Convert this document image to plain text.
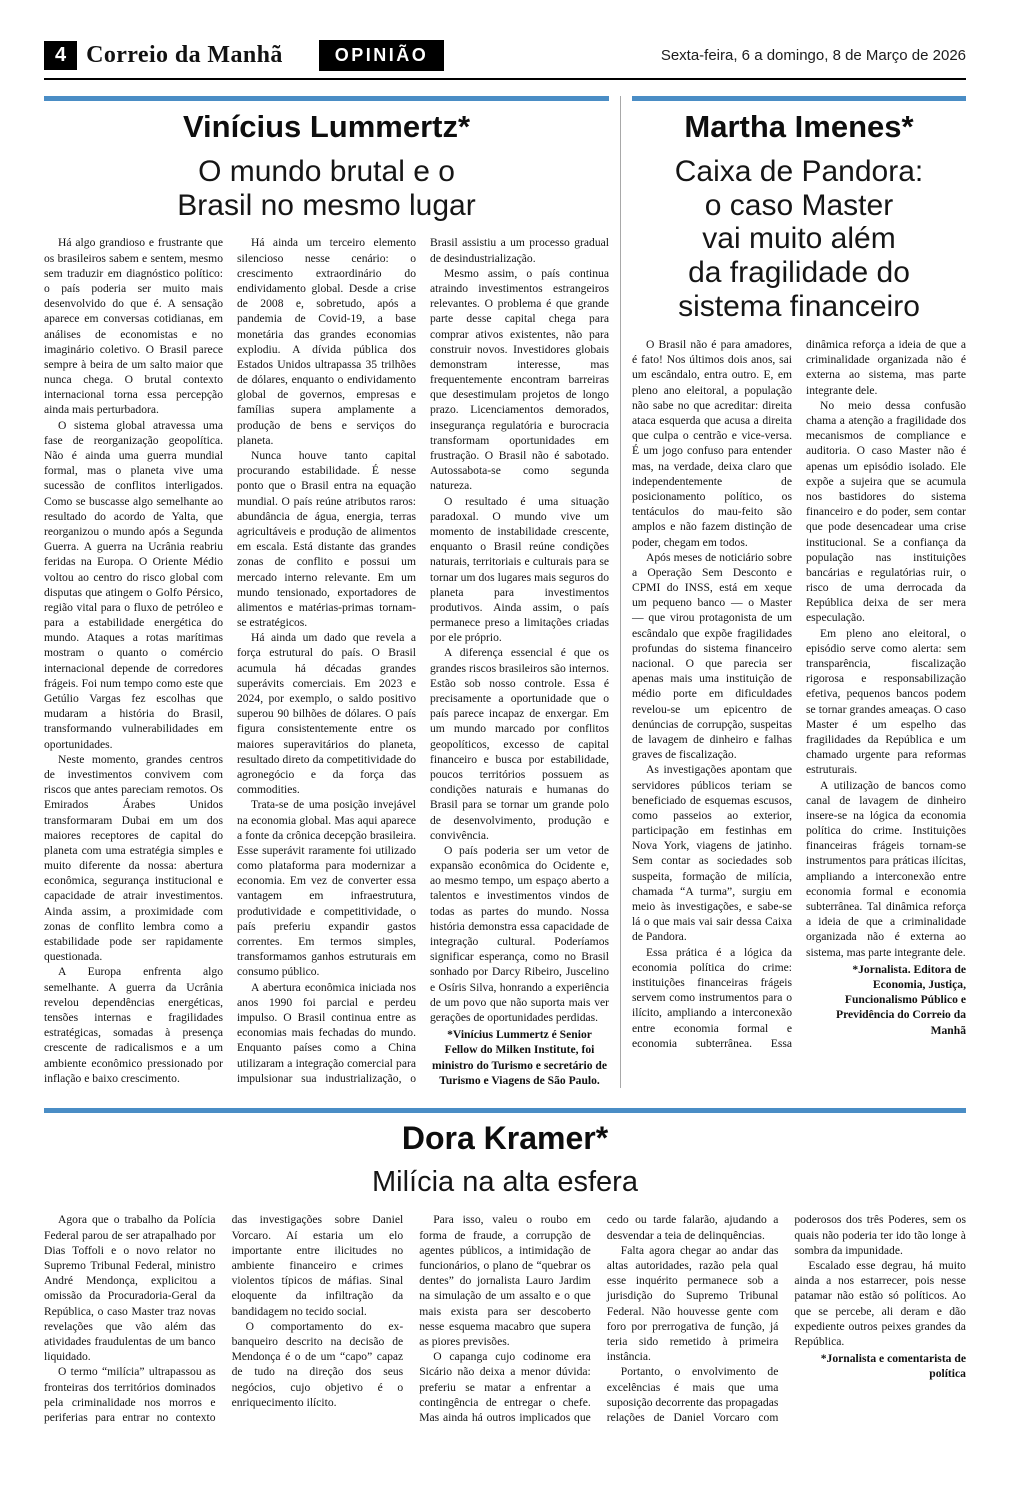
4 Correio da Manhã	OPINIÃO	Sexta-feira, 6 a domingo, 8 de Março de 2026
Vinícius Lummertz*
O mundo brutal e o
Brasil no mesmo lugar

Há algo grandioso e frustrante que os brasileiros sabem e sentem, mesmo sem traduzir em diagnóstico político: o país poderia ser muito mais desenvolvido do que é. A sensação aparece em conversas cotidianas, em análises de economistas e no imaginário coletivo. O Brasil parece sempre à beira de um salto maior que nunca chega. O brutal contexto internacional torna essa percepção ainda mais perturbadora.

O sistema global atravessa uma fase de reorganização geopolítica. Não é ainda uma guerra mundial formal, mas o planeta vive uma sucessão de conflitos interligados. Como se buscasse algo semelhante ao resultado do acordo de Yalta, que reorganizou o mundo após a Segunda Guerra. A guerra na Ucrânia reabriu feridas na Europa. O Oriente Médio voltou ao centro do risco global com disputas que atingem o Golfo Pérsico, região vital para o fluxo de petróleo e para a estabilidade energética do mundo. Ataques a rotas marítimas mostram o quanto o comércio internacional depende de corredores frágeis. Foi num tempo como este que Getúlio Vargas fez escolhas que mudaram a história do Brasil, transformando vulnerabilidades em oportunidades.

Neste momento, grandes centros de investimentos convivem com riscos que antes pareciam remotos. Os Emirados Árabes Unidos transformaram Dubai em um dos maiores receptores de capital do planeta com uma estratégia simples e muito diferente da nossa: abertura econômica, segurança institucional e capacidade de atrair investimentos. Ainda assim, a proximidade com zonas de conflito lembra como a estabilidade pode ser rapidamente questionada.

A Europa enfrenta algo semelhante. A guerra da Ucrânia revelou dependências energéticas, tensões internas e fragilidades estratégicas, somadas à presença crescente de radicalismos e a um ambiente econômico pressionado por inflação e baixo crescimento.

Há ainda um terceiro elemento silencioso nesse cenário: o crescimento extraordinário do endividamento global. Desde a crise de 2008 e, sobretudo, após a pandemia de Covid-19, a base monetária das grandes economias explodiu. A dívida pública dos Estados Unidos ultrapassa 35 trilhões de dólares, enquanto o endividamento global de governos, empresas e famílias supera amplamente a produção de bens e serviços do planeta.

Nunca houve tanto capital procurando estabilidade. É nesse ponto que o Brasil entra na equação mundial. O país reúne atributos raros: abundância de água, energia, terras agricultáveis e produção de alimentos em escala. Está distante das grandes zonas de conflito e possui um mercado interno relevante. Em um mundo tensionado, exportadores de alimentos e matérias-primas tornam-se estratégicos.

Há ainda um dado que revela a força estrutural do país. O Brasil acumula há décadas grandes superávits comerciais. Em 2023 e 2024, por exemplo, o saldo positivo superou 90 bilhões de dólares. O país figura consistentemente entre os maiores superavitários do planeta, resultado direto da competitividade do agronegócio e da força das commodities.

Trata-se de uma posição invejável na economia global. Mas aqui aparece a fonte da crônica decepção brasileira. Esse superávit raramente foi utilizado como plataforma para modernizar a economia. Em vez de converter essa vantagem em infraestrutura, produtividade e competitividade, o país preferiu expandir gastos correntes. Em termos simples, transformamos ganhos estruturais em consumo público.

A abertura econômica iniciada nos anos 1990 foi parcial e perdeu impulso. O Brasil continua entre as economias mais fechadas do mundo. Enquanto países como a China utilizaram a integração comercial para impulsionar sua industrialização, o Brasil assistiu a um processo gradual de desindustrialização.

Mesmo assim, o país continua atraindo investimentos estrangeiros relevantes. O problema é que grande parte desse capital chega para comprar ativos existentes, não para construir novos. Investidores globais demonstram interesse, mas frequentemente encontram barreiras que desestimulam projetos de longo prazo. Licenciamentos demorados, insegurança regulatória e burocracia transformam oportunidades em frustração. O Brasil não é sabotado. Autossabota-se como segunda natureza.

O resultado é uma situação paradoxal. O mundo vive um momento de instabilidade crescente, enquanto o Brasil reúne condições naturais, territoriais e culturais para se tornar um dos lugares mais seguros do planeta para investimentos produtivos. Ainda assim, o país permanece preso a limitações criadas por ele próprio.

A diferença essencial é que os grandes riscos brasileiros são internos. Estão sob nosso controle. Essa é precisamente a oportunidade que o país parece incapaz de enxergar. Em um mundo marcado por conflitos geopolíticos, excesso de capital financeiro e busca por estabilidade, poucos territórios possuem as condições naturais e humanas do Brasil para se tornar um grande polo de desenvolvimento, produção e convivência.

O país poderia ser um vetor de expansão econômica do Ocidente e, ao mesmo tempo, um espaço aberto a talentos e investimentos vindos de todas as partes do mundo. Nossa história demonstra essa capacidade de integração cultural. Poderíamos significar esperança, como no Brasil sonhado por Darcy Ribeiro, Juscelino e Osíris Silva, honrando a experiência de um povo que não suporta mais ver gerações de oportunidades perdidas.

*Vinícius Lummertz é Senior Fellow do Milken Institute, foi ministro do Turismo e secretário de Turismo e Viagens de São Paulo.

Martha Imenes*
Caixa de Pandora:
o caso Master
vai muito além
da fragilidade do
sistema financeiro

O Brasil não é para amadores, é fato! Nos últimos dois anos, sai um escândalo, entra outro. E, em pleno ano eleitoral, a população não sabe no que acreditar: direita ataca esquerda que acusa a direita que culpa o centrão e vice-versa. É um jogo confuso para entender mas, na verdade, deixa claro que independentemente de posicionamento político, os tentáculos do mau-feito são amplos e não fazem distinção de poder, chegam em todos.

Após meses de noticiário sobre a Operação Sem Desconto e CPMI do INSS, está em xeque um pequeno banco — o Master — que virou protagonista de um escândalo que expõe fragilidades profundas do sistema financeiro nacional. O que parecia ser apenas mais uma instituição de médio porte em dificuldades revelou-se um epicentro de denúncias de corrupção, suspeitas de lavagem de dinheiro e falhas graves de fiscalização.

As investigações apontam que servidores públicos teriam se beneficiado de esquemas escusos, como passeios ao exterior, participação em festinhas em Nova York, viagens de jatinho. Sem contar as sociedades sob suspeita, formação de milícia, chamada “A turma”, surgiu em meio às investigações, e sabe-se lá o que mais vai sair dessa Caixa de Pandora.

Essa prática é a lógica da economia política do crime: instituições financeiras frágeis servem como instrumentos para o ilícito, ampliando a interconexão entre economia formal e economia subterrânea. Essa dinâmica reforça a ideia de que a criminalidade organizada não é externa ao sistema, mas parte integrante dele.

No meio dessa confusão chama a atenção a fragilidade dos mecanismos de compliance e auditoria. O caso Master não é apenas um episódio isolado. Ele expõe a sujeira que se acumula nos bastidores do sistema financeiro e do poder, sem contar que pode desencadear uma crise institucional. Se a confiança da população nas instituições bancárias e regulatórias ruir, o risco de uma derrocada da República deixa de ser mera especulação.

Em pleno ano eleitoral, o episódio serve como alerta: sem transparência, fiscalização rigorosa e responsabilização efetiva, pequenos bancos podem se tornar grandes ameaças. O caso Master é um espelho das fragilidades da República e um chamado urgente para reformas estruturais.

A utilização de bancos como canal de lavagem de dinheiro insere-se na lógica da economia política do crime. Instituições financeiras frágeis tornam-se instrumentos para práticas ilícitas, ampliando a interconexão entre economia formal e economia subterrânea. Tal dinâmica reforça a ideia de que a criminalidade organizada não é externa ao sistema, mas parte integrante dele.

*Jornalista. Editora de Economia, Justiça, Funcionalismo Público e Previdência do Correio da Manhã

Dora Kramer*
Milícia na alta esfera

Agora que o trabalho da Polícia Federal parou de ser atrapalhado por Dias Toffoli e o novo relator no Supremo Tribunal Federal, ministro André Mendonça, explicitou a omissão da Procuradoria-Geral da República, o caso Master traz novas revelações que vão além das atividades fraudulentas de um banco liquidado.

O termo “milícia” ultrapassou as fronteiras dos territórios dominados pela criminalidade nos morros e periferias para entrar no contexto das investigações sobre Daniel Vorcaro. Aí estaria um elo importante entre ilicitudes no ambiente financeiro e crimes violentos típicos de máfias. Sinal eloquente da infiltração da bandidagem no tecido social.

O comportamento do ex-banqueiro descrito na decisão de Mendonça é o de um “capo” capaz de tudo na direção dos seus negócios, cujo objetivo é o enriquecimento ilícito.

Para isso, valeu o roubo em forma de fraude, a corrupção de agentes públicos, a intimidação de funcionários, o plano de “quebrar os dentes” do jornalista Lauro Jardim na simulação de um assalto e o que mais exista para ser descoberto nesse esquema macabro que supera as piores previsões.

O capanga cujo codinome era Sicário não deixa a menor dúvida: preferiu se matar a enfrentar a contingência de entregar o chefe. Mas ainda há outros implicados que cedo ou tarde falarão, ajudando a desvendar a teia de delinquências.

Falta agora chegar ao andar das altas autoridades, razão pela qual esse inquérito permanece sob a jurisdição do Supremo Tribunal Federal. Não houvesse gente com foro por prerrogativa de função, já teria sido remetido à primeira instância.

Portanto, o envolvimento de excelências é mais que uma suposição decorrente das propagadas relações de Daniel Vorcaro com poderosos dos três Poderes, sem os quais não poderia ter ido tão longe à sombra da impunidade.

Escalado esse degrau, há muito ainda a nos estarrecer, pois nesse patamar não estão só políticos. Ao que se percebe, ali deram e dão expediente outros peixes grandes da República.

*Jornalista e comentarista de política
